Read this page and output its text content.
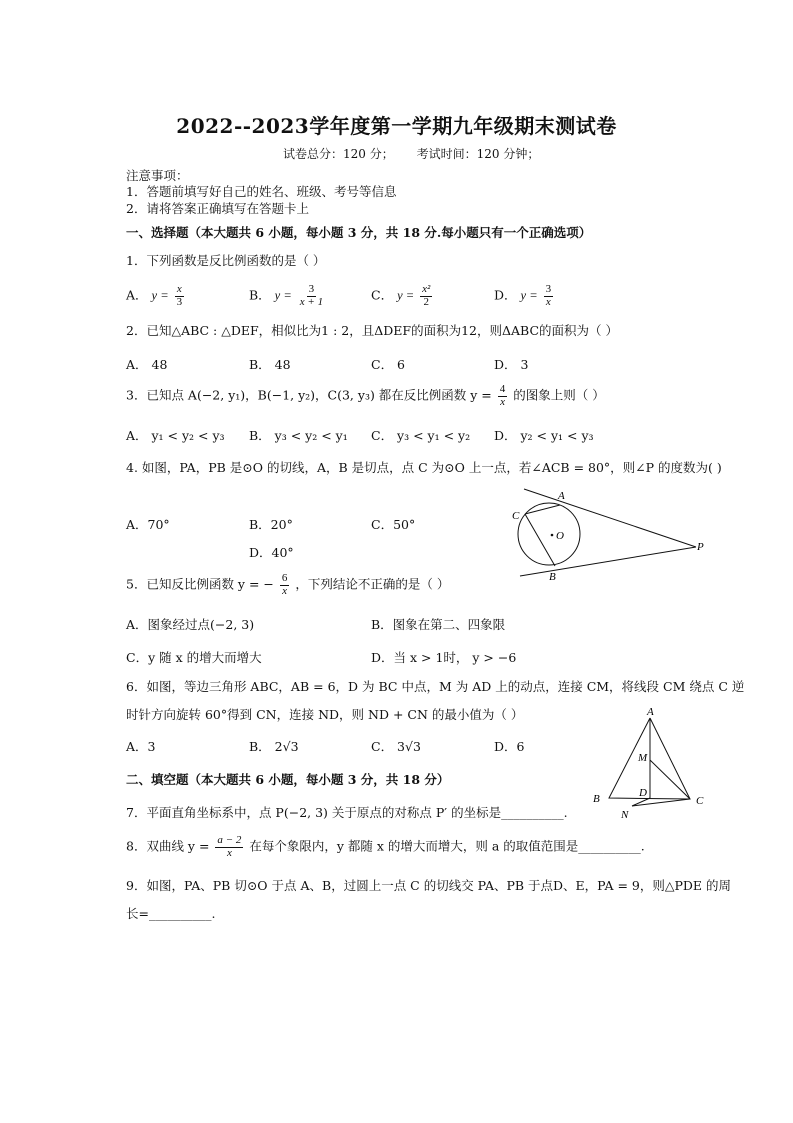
2022--2023学年度第一学期九年级期末测试卷
试卷总分：120 分；      考试时间：120 分钟；
注意事项：
1．答题前填写好自己的姓名、班级、考号等信息
2．请将答案正确填写在答题卡上
一、选择题（本大题共 6 小题，每小题 3 分，共 18 分.每小题只有一个正确选项）
1．下列函数是反比例函数的是（ ）
A． $y = \frac{x}{3}$	B． $y = \frac{3}{x + 1}$	C． $y = \frac{\text{x²}}{2}$	D． $y = \frac{3}{x}$
2．已知△ABC : △DEF，相似比为1 : 2，且ΔDEF的面积为12，则ΔABC的面积为（ ）
A． 48	B． 48	C． 6	D． 3
3．已知点 A(−2, y₁)，B(−1, y₂)，C(3, y₃) 都在反比例函数 $y = \frac{4}{x}$ 的图象上则（ ）
A． y₁ < y₂ < y₃ B． y₃ < y₂ < y₁ C． y₃ < y₁ < y₂ D． y₂ < y₁ < y₃
4. 如图，PA，PB 是⊙O 的切线，A，B 是切点，点 C 为⊙O 上一点，若∠ACB = 80°，则∠P 的度数为( )
A．70°	B．20°	C．50°
D．40°
A
C
O
B
P
5．已知反比例函数 y = − $\frac{6}{x}$ ，下列结论不正确的是（ ）
A．图象经过点(−2, 3)	B．图象在第二、四象限
C．y 随 x 的增大而增大	D．当 x > 1时， y > −6
6．如图，等边三角形 ABC，AB = 6，D 为 BC 中点，M 为 AD 上的动点，连接 CM，将线段 CM 绕点 C 逆
时针方向旋转 60°得到 CN，连接 ND，则 ND + CN 的最小值为（ ）
A．3	B． 2√3	C． 3√3	D．6
A
B	C
D
M
N
二、填空题（本大题共 6 小题，每小题 3 分，共 18 分）
7．平面直角坐标系中，点 P(−2, 3) 关于原点的对称点 P′ 的坐标是__________.
8．双曲线 $y = \frac{a - 2}{x}$ 在每个象限内，y 都随 x 的增大而增大，则 a 的取值范围是__________.
9．如图，PA、PB 切⊙O 于点 A、B，过圆上一点 C 的切线交 PA、PB 于点D、E，PA = 9，则△PDE 的周
长=__________.
